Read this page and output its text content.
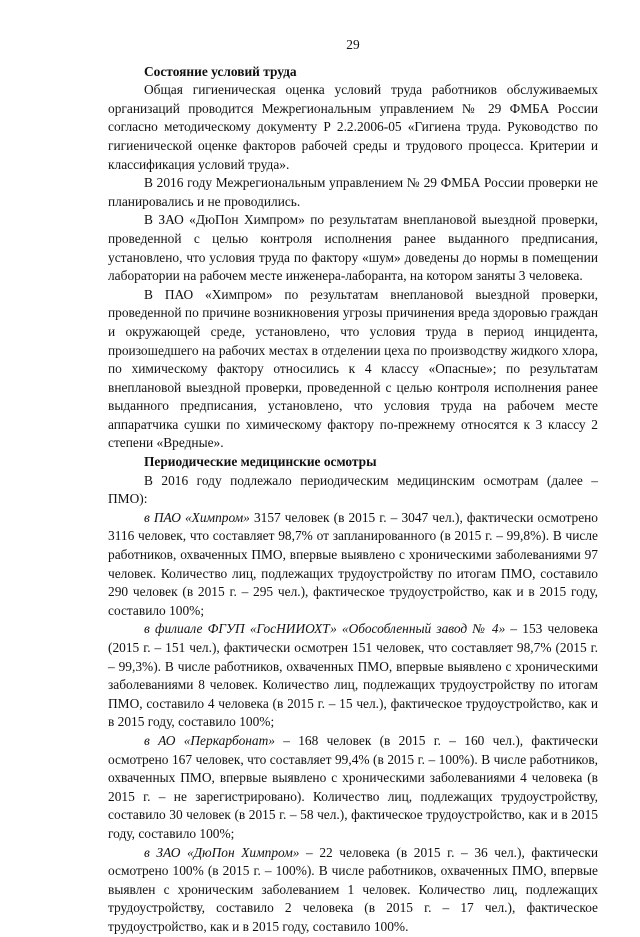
29
Состояние условий труда

Общая гигиеническая оценка условий труда работников обслуживаемых организаций проводится Межрегиональным управлением № 29 ФМБА России согласно методическому документу Р 2.2.2006-05 «Гигиена труда. Руководство по гигиенической оценке факторов рабочей среды и трудового процесса. Критерии и классификация условий труда».

В 2016 году Межрегиональным управлением № 29 ФМБА России проверки не планировались и не проводились.

В ЗАО «ДюПон Химпром» по результатам внеплановой выездной проверки, проведенной с целью контроля исполнения ранее выданного предписания, установлено, что условия труда по фактору «шум» доведены до нормы в помещении лаборатории на рабочем месте инженера-лаборанта, на котором заняты 3 человека.

В ПАО «Химпром» по результатам внеплановой выездной проверки, проведенной по причине возникновения угрозы причинения вреда здоровью граждан и окружающей среде, установлено, что условия труда в период инцидента, произошедшего на рабочих местах в отделении цеха по производству жидкого хлора, по химическому фактору относились к 4 классу «Опасные»; по результатам внеплановой выездной проверки, проведенной с целью контроля исполнения ранее выданного предписания, установлено, что условия труда на рабочем месте аппаратчика сушки по химическому фактору по-прежнему относятся к 3 классу 2 степени «Вредные».

Периодические медицинские осмотры

В 2016 году подлежало периодическим медицинским осмотрам (далее – ПМО):

в ПАО «Химпром» 3157 человек (в 2015 г. – 3047 чел.), фактически осмотрено 3116 человек, что составляет 98,7% от запланированного (в 2015 г. – 99,8%). В числе работников, охваченных ПМО, впервые выявлено с хроническими заболеваниями 97 человек. Количество лиц, подлежащих трудоустройству по итогам ПМО, составило 290 человек (в 2015 г. – 295 чел.), фактическое трудоустройство, как и в 2015 году, составило 100%;

в филиале ФГУП «ГосНИИОХТ» «Обособленный завод № 4» – 153 человека (2015 г. – 151 чел.), фактически осмотрен 151 человек, что составляет 98,7% (2015 г. – 99,3%). В числе работников, охваченных ПМО, впервые выявлено с хроническими заболеваниями 8 человек. Количество лиц, подлежащих трудоустройству по итогам ПМО, составило 4 человека (в 2015 г. – 15 чел.), фактическое трудоустройство, как и в 2015 году, составило 100%;

в АО «Перкарбонат» – 168 человек (в 2015 г. – 160 чел.), фактически осмотрено 167 человек, что составляет 99,4% (в 2015 г. – 100%). В числе работников, охваченных ПМО, впервые выявлено с хроническими заболеваниями 4 человека (в 2015 г. – не зарегистрировано). Количество лиц, подлежащих трудоустройству, составило 30 человек (в 2015 г. – 58 чел.), фактическое трудоустройство, как и в 2015 году, составило 100%;

в ЗАО «ДюПон Химпром» – 22 человека (в 2015 г. – 36 чел.), фактически осмотрено 100% (в 2015 г. – 100%). В числе работников, охваченных ПМО, впервые выявлен с хроническим заболеванием 1 человек. Количество лиц, подлежащих трудоустройству, составило 2 человека (в 2015 г. – 17 чел.), фактическое трудоустройство, как и в 2015 году, составило 100%.
